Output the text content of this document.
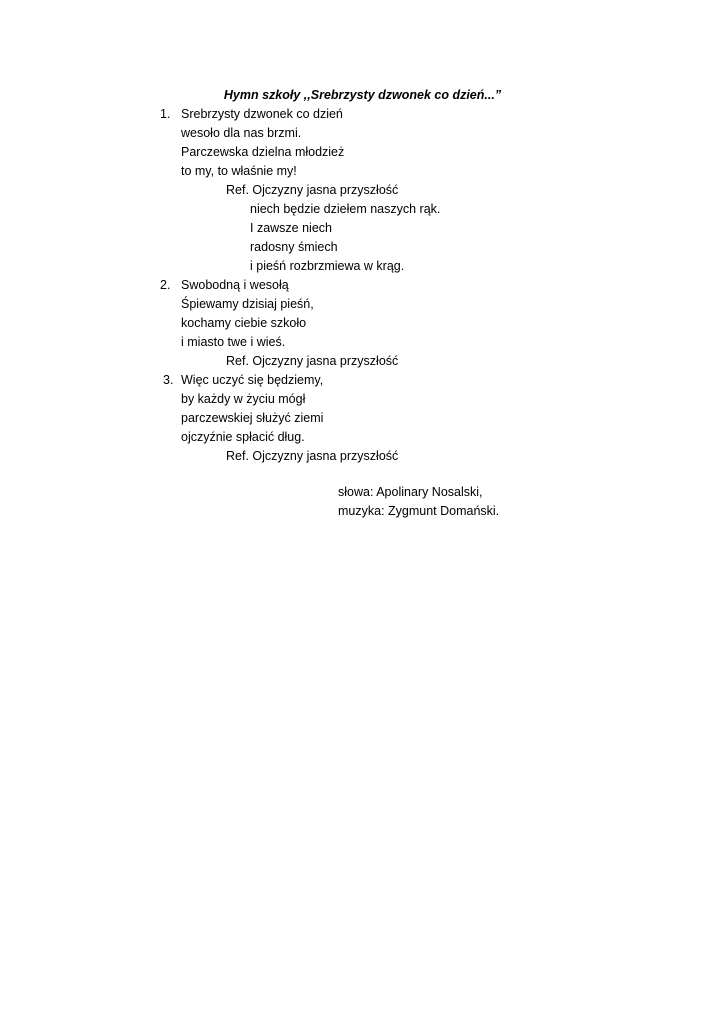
Hymn szkoły ,,Srebrzysty dzwonek co dzień...”
1. Srebrzysty dzwonek co dzień
wesoło dla nas brzmi.
Parczewska dzielna młodzież
to my, to właśnie my!
Ref. Ojczyzny jasna przyszłość
niech będzie dziełem naszych rąk.
I zawsze niech
radosny śmiech
i pieśń rozbrzmiewa w krąg.
2. Swobodną i wesołą
Śpiewamy dzisiaj pieśń,
kochamy ciebie szkoło
i miasto twe i wieś.
Ref. Ojczyzny jasna przyszłość
3. Więc uczyć się będziemy,
by każdy w życiu mógł
parczewskiej służyć ziemi
ojczyźnie spłacić dług.
Ref. Ojczyzny jasna przyszłość
słowa: Apolinary Nosalski,
muzyka: Zygmunt Domański.
